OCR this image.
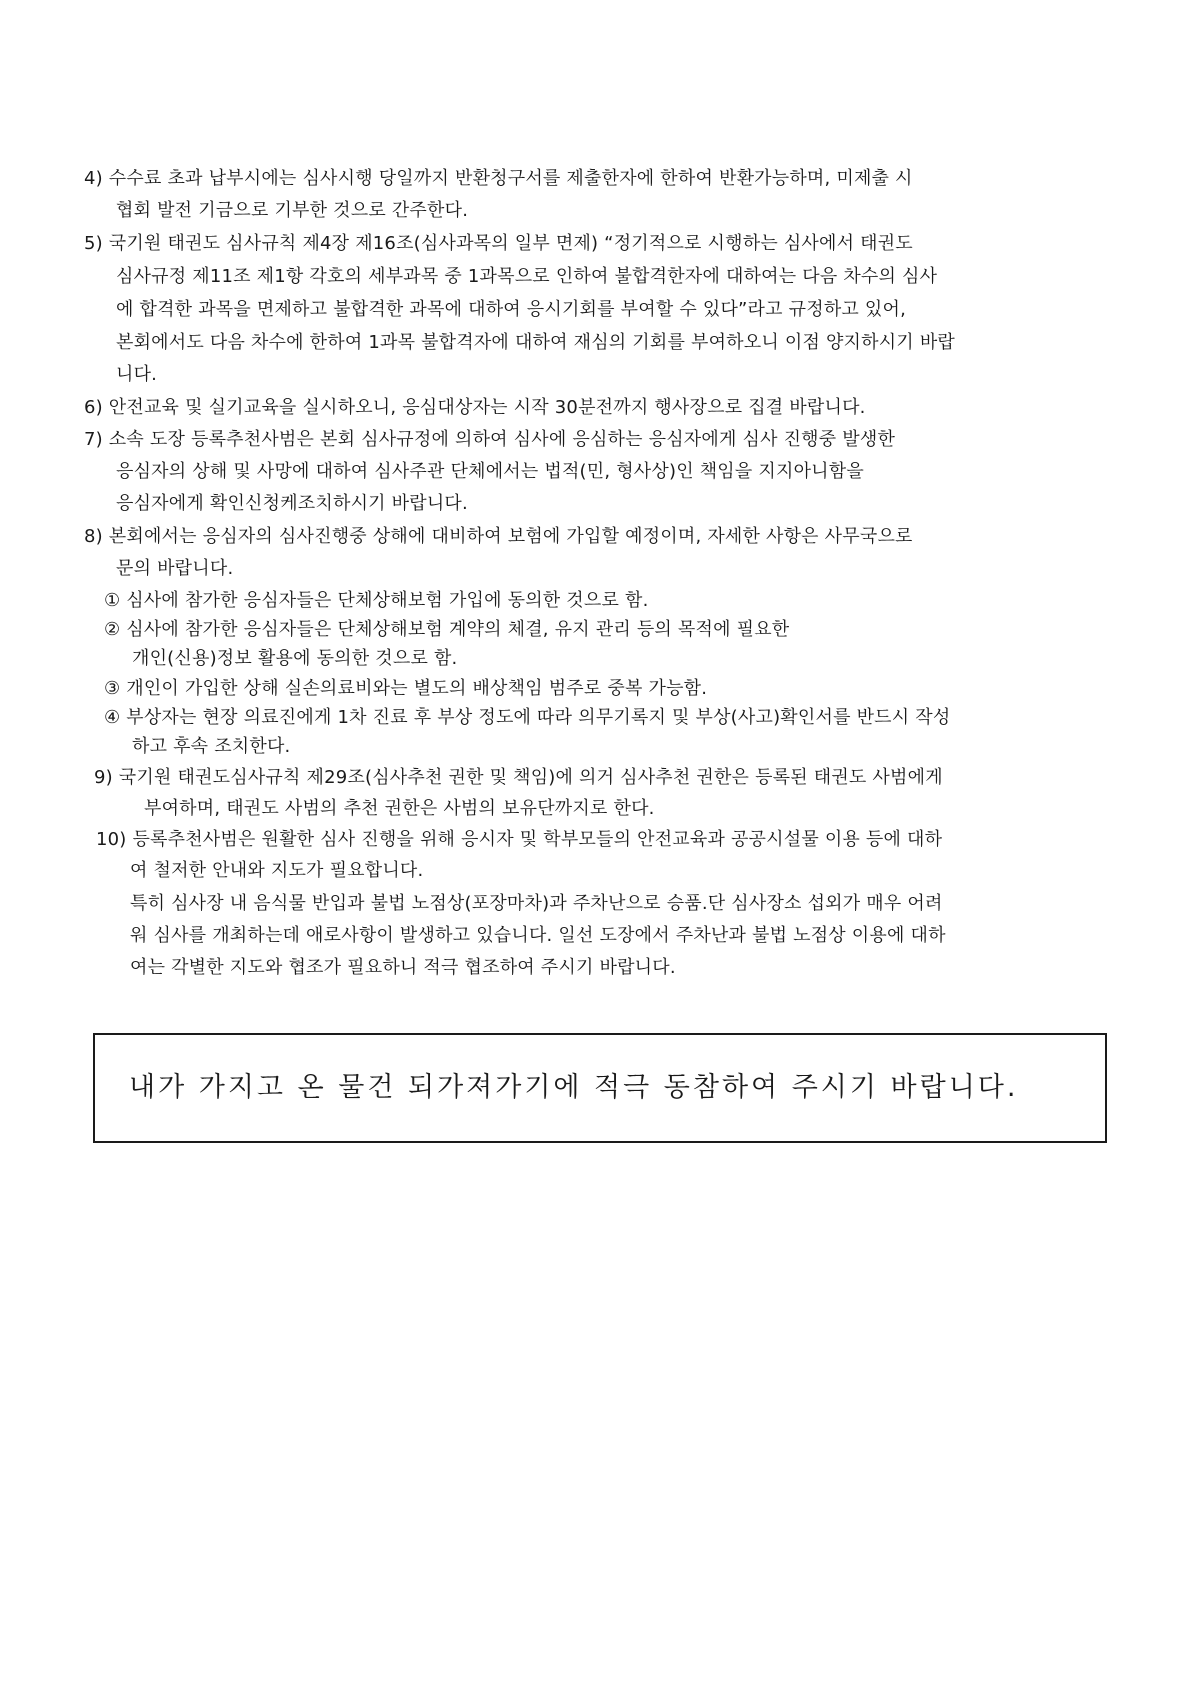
4) 수수료 초과 납부시에는 심사시행 당일까지 반환청구서를 제출한자에 한하여 반환가능하며, 미제출 시
협회 발전 기금으로 기부한 것으로 간주한다.
5) 국기원 태권도 심사규칙 제4장 제16조(심사과목의 일부 면제) “정기적으로 시행하는 심사에서 태권도
심사규정 제11조 제1항 각호의 세부과목 중 1과목으로 인하여 불합격한자에 대하여는 다음 차수의 심사
에 합격한 과목을 면제하고 불합격한 과목에 대하여 응시기회를 부여할 수 있다”라고 규정하고 있어,
본회에서도 다음 차수에 한하여 1과목 불합격자에 대하여 재심의 기회를 부여하오니 이점 양지하시기 바랍
니다.
6) 안전교육 및 실기교육을 실시하오니, 응심대상자는 시작 30분전까지 행사장으로 집결 바랍니다.
7) 소속 도장 등록추천사범은 본회 심사규정에 의하여 심사에 응심하는 응심자에게 심사 진행중 발생한
응심자의 상해 및 사망에 대하여 심사주관 단체에서는 법적(민, 형사상)인 책임을 지지아니함을
응심자에게 확인신청케조치하시기 바랍니다.
8) 본회에서는 응심자의 심사진행중 상해에 대비하여 보험에 가입할 예정이며, 자세한 사항은 사무국으로
문의 바랍니다.
① 심사에 참가한 응심자들은 단체상해보험 가입에 동의한 것으로 함.
② 심사에 참가한 응심자들은 단체상해보험 계약의 체결, 유지 관리 등의 목적에 필요한
개인(신용)정보 활용에 동의한 것으로 함.
③ 개인이 가입한 상해 실손의료비와는 별도의 배상책임 범주로 중복 가능함.
④ 부상자는 현장 의료진에게 1차 진료 후 부상 정도에 따라 의무기록지 및 부상(사고)확인서를 반드시 작성
하고 후속 조치한다.
9) 국기원 태권도심사규칙 제29조(심사추천 권한 및 책임)에 의거 심사추천 권한은 등록된 태권도 사범에게
부여하며, 태권도 사범의 추천 권한은 사범의 보유단까지로 한다.
10) 등록추천사범은 원활한 심사 진행을 위해 응시자 및 학부모들의 안전교육과 공공시설물 이용 등에 대하
여 철저한 안내와 지도가 필요합니다.
특히 심사장 내 음식물 반입과 불법 노점상(포장마차)과 주차난으로 승품.단 심사장소 섭외가 매우 어려
워 심사를 개최하는데 애로사항이 발생하고 있습니다. 일선 도장에서 주차난과 불법 노점상 이용에 대하
여는 각별한 지도와 협조가 필요하니 적극 협조하여 주시기 바랍니다.
내가 가지고 온 물건 되가져가기에 적극 동참하여 주시기 바랍니다.
